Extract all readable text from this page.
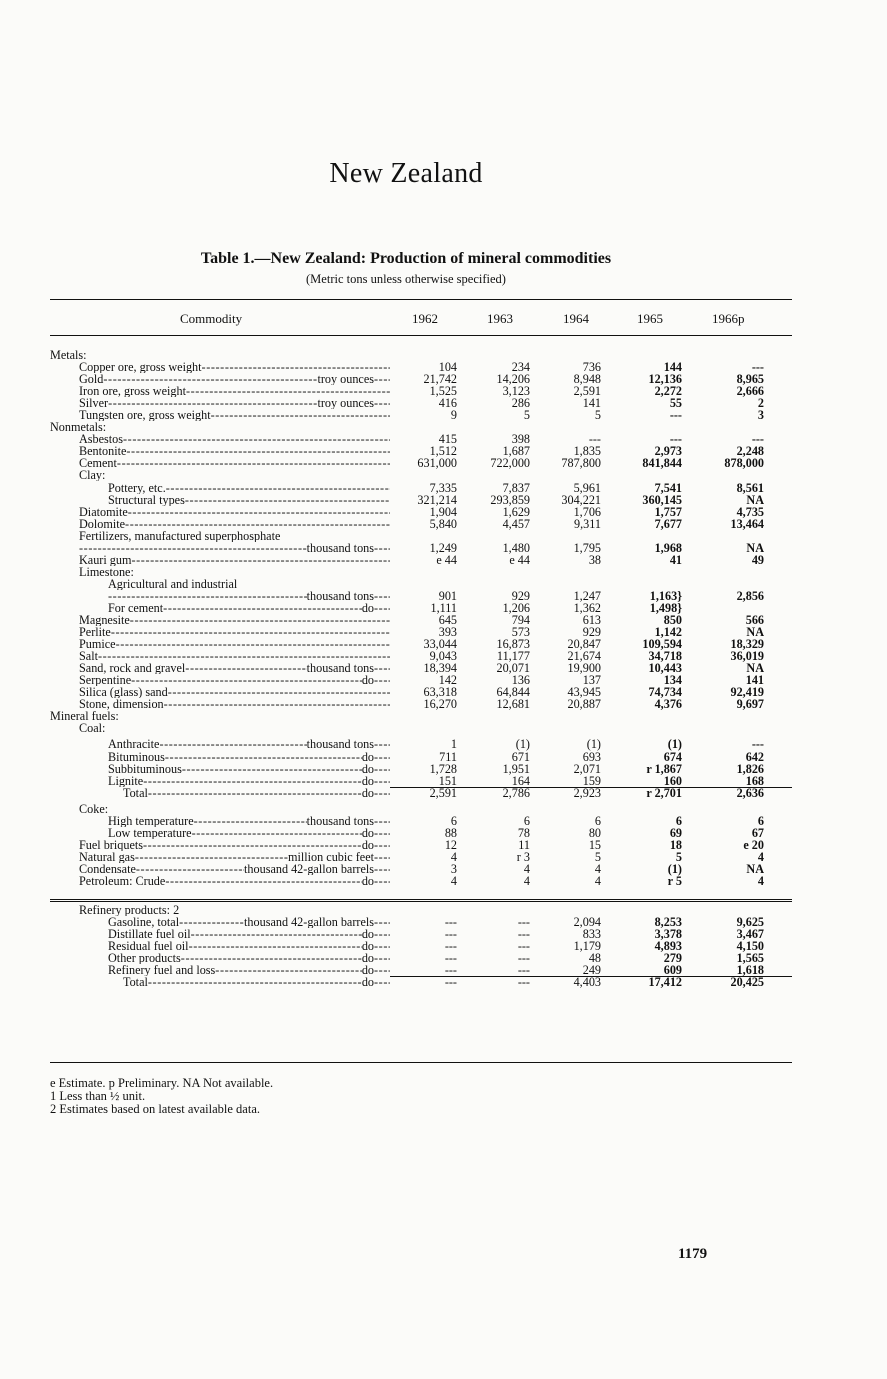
New Zealand
Table 1.—New Zealand: Production of mineral commodities
(Metric tons unless otherwise specified)
Commodity	1962	1963	1964	1965	1966p
Metals:
Copper ore, gross weight -----	104	234	736	144	---
Gold -----	troy ounces -----	21,742	14,206	8,948	12,136	8,965
Iron ore, gross weight -----	1,525	3,123	2,591	2,272	2,666
Silver -----	troy ounces -----	416	286	141	55	2
Tungsten ore, gross weight -----	9	5	5	---	3
Nonmetals:
Asbestos -----	415	398	---	---	---
Bentonite -----	1,512	1,687	1,835	2,973	2,248
Cement -----	631,000	722,000	787,800	841,844	878,000
Clay:
Pottery, etc. -----	7,335	7,837	5,961	7,541	8,561
Structural types -----	321,214	293,859	304,221	360,145	NA
Diatomite -----	1,904	1,629	1,706	1,757	4,735
Dolomite -----	5,840	4,457	9,311	7,677	13,464
Fertilizers, manufactured superphosphate
-----
thousand tons -----	1,249	1,480	1,795	1,968	NA
Kauri gum -----	e 44	e 44	38	41	49
Limestone:
Agricultural and industrial
-----
thousand tons -----	901	929	1,247	1,163}	2,856
For cement -----	do -----	1,111	1,206	1,362	1,498}
Magnesite -----	645	794	613	850	566
Perlite -----	393	573	929	1,142	NA
Pumice -----	33,044	16,873	20,847	109,594	18,329
Salt -----	9,043	11,177	21,674	34,718	36,019
Sand, rock and gravel -----	thousand tons -----	18,394	20,071	19,900	10,443	NA
Serpentine -----	do -----	142	136	137	134	141
Silica (glass) sand -----	63,318	64,844	43,945	74,734	92,419
Stone, dimension -----	16,270	12,681	20,887	4,376	9,697
Mineral fuels:
Coal:
Anthracite -----	thousand tons -----	1	(1)	(1)	(1)	---
Bituminous -----	do -----	711	671	693	674	642
Subbituminous -----	do -----	1,728	1,951	2,071	r 1,867	1,826
Lignite -----	do -----	151	164	159	160	168
Total -----	do -----	2,591	2,786	2,923	r 2,701	2,636
Coke:
High temperature -----	thousand tons -----	6	6	6	6	6
Low temperature -----	do -----	88	78	80	69	67
Fuel briquets -----	do -----	12	11	15	18	e 20
Natural gas -----	million cubic feet -----	4	r 3	5	5	4
Condensate -----	thousand 42-gallon barrels -----	3	4	4	(1)	NA
Petroleum: Crude -----	do -----	4	4	4	r 5	4
Refinery products: 2
Gasoline, total -----	thousand 42-gallon barrels -----	---	---	2,094	8,253	9,625
Distillate fuel oil -----	do -----	---	---	833	3,378	3,467
Residual fuel oil -----	do -----	---	---	1,179	4,893	4,150
Other products -----	do -----	---	---	48	279	1,565
Refinery fuel and loss -----	do -----	---	---	249	609	1,618
Total -----	do -----	---	---	4,403	17,412	20,425
e Estimate. p Preliminary. NA Not available.
1 Less than ½ unit.
2 Estimates based on latest available data.
1179
